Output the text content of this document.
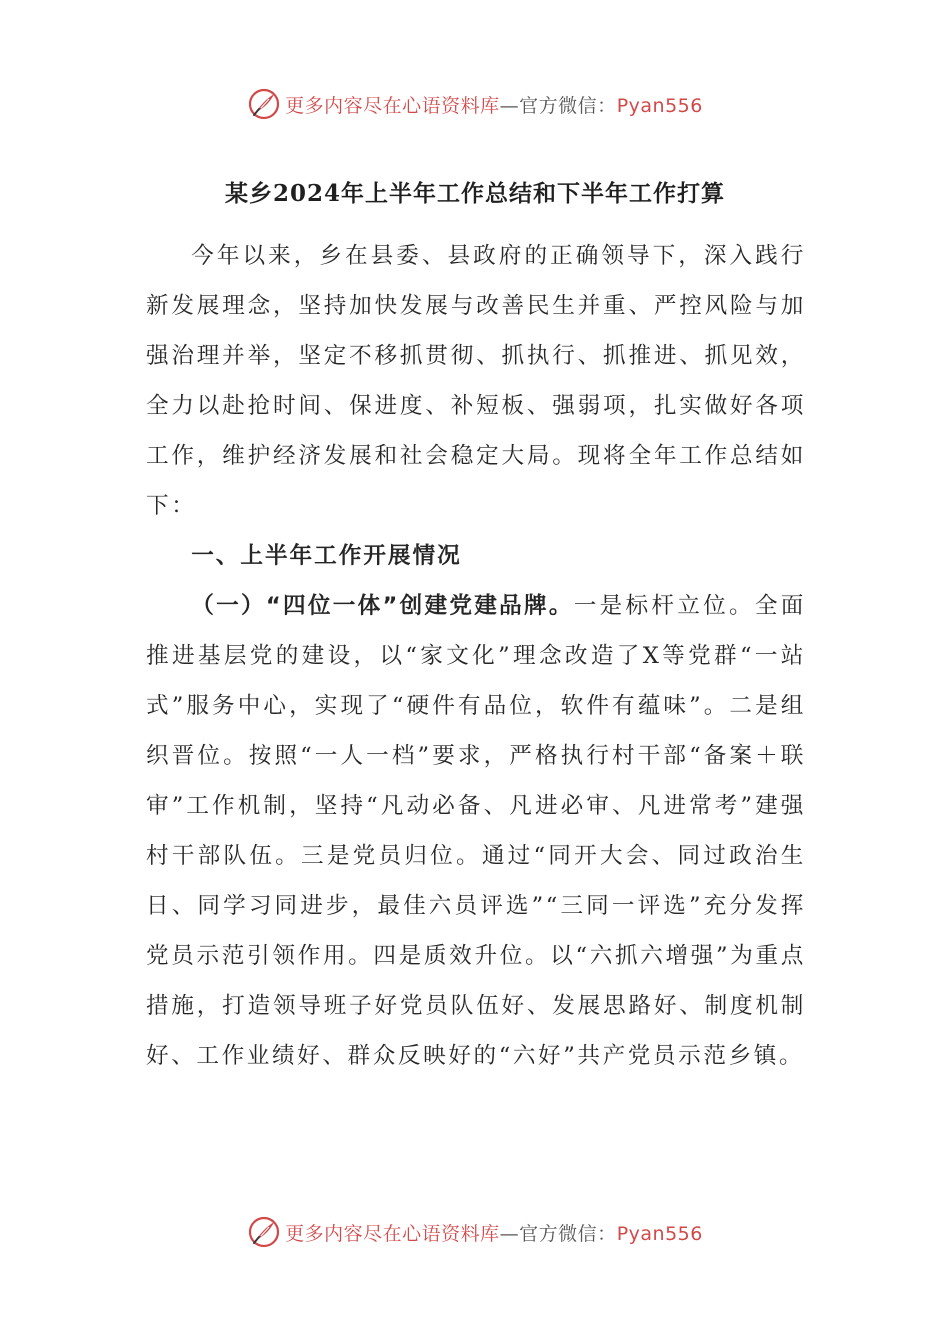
更多内容尽在心语资料库—官方微信：Pyan556
某乡2024年上半年工作总结和下半年工作打算

今年以来，乡在县委、县政府的正确领导下，深入践行新发展理念，坚持加快发展与改善民生并重、严控风险与加强治理并举，坚定不移抓贯彻、抓执行、抓推进、抓见效，全力以赴抢时间、保进度、补短板、强弱项，扎实做好各项工作，维护经济发展和社会稳定大局。现将全年工作总结如下：

一、上半年工作开展情况

（一）“四位一体”创建党建品牌。一是标杆立位。全面推进基层党的建设，以“家文化”理念改造了X等党群“一站式”服务中心，实现了“硬件有品位，软件有蕴味”。二是组织晋位。按照“一人一档”要求，严格执行村干部“备案＋联审”工作机制，坚持“凡动必备、凡进必审、凡进常考”建强村干部队伍。三是党员归位。通过“同开大会、同过政治生日、同学习同进步，最佳六员评选”“三同一评选”充分发挥党员示范引领作用。四是质效升位。以“六抓六增强”为重点措施，打造领导班子好党员队伍好、发展思路好、制度机制好、工作业绩好、群众反映好的“六好”共产党员示范乡镇。

更多内容尽在心语资料库—官方微信：Pyan556
